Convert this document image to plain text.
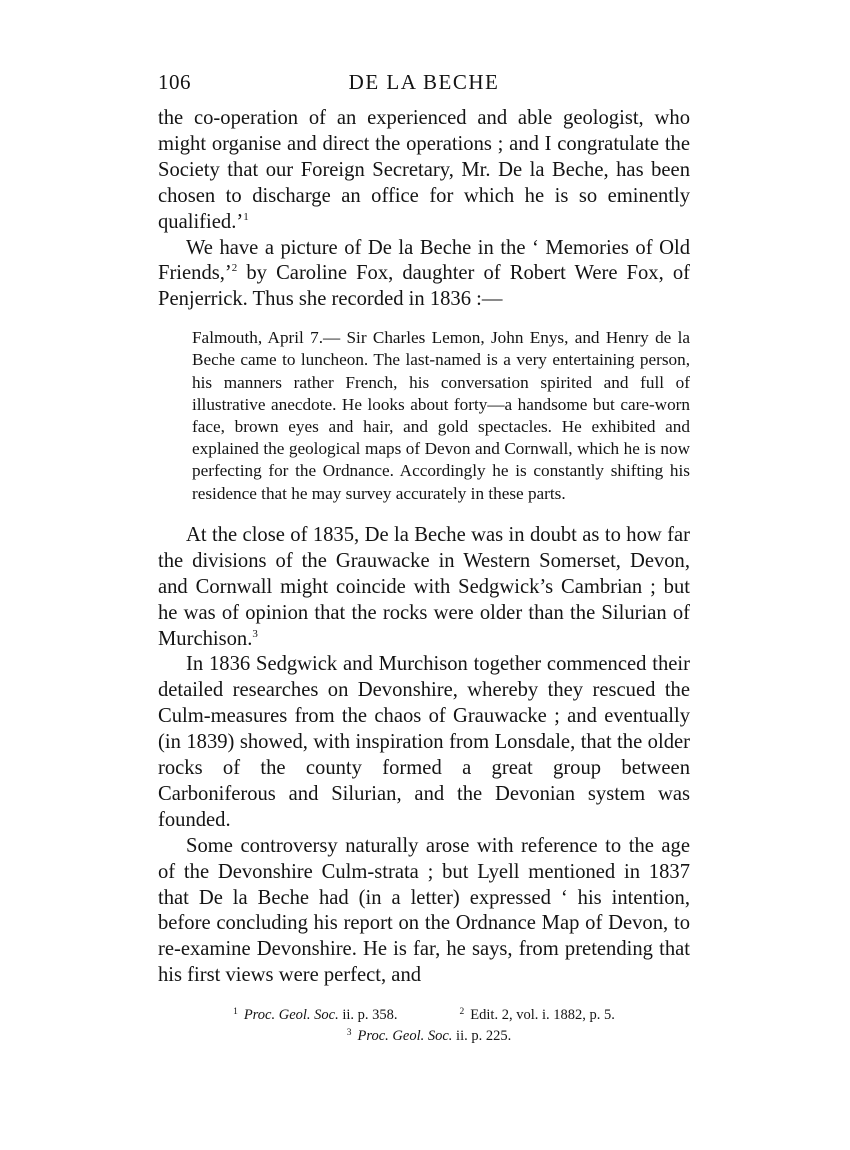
106	DE LA BECHE

the co-operation of an experienced and able geologist, who might organise and direct the operations ; and I congratulate the Society that our Foreign Secretary, Mr. De la Beche, has been chosen to discharge an office for which he is so eminently qualified.’$^1$

We have a picture of De la Beche in the ‘ Memories of Old Friends,’$^2$ by Caroline Fox, daughter of Robert Were Fox, of Penjerrick. Thus she recorded in 1836 :—

Falmouth, April 7.— Sir Charles Lemon, John Enys, and Henry de la Beche came to luncheon. The last-named is a very entertaining person, his manners rather French, his conversation spirited and full of illustrative anecdote. He looks about forty—a handsome but care-worn face, brown eyes and hair, and gold spectacles. He exhibited and explained the geological maps of Devon and Cornwall, which he is now perfecting for the Ordnance. Accordingly he is constantly shifting his residence that he may survey accurately in these parts.

At the close of 1835, De la Beche was in doubt as to how far the divisions of the Grauwacke in Western Somerset, Devon, and Cornwall might coincide with Sedgwick’s Cambrian ; but he was of opinion that the rocks were older than the Silurian of Murchison.$^3$

In 1836 Sedgwick and Murchison together commenced their detailed researches on Devonshire, whereby they rescued the Culm-measures from the chaos of Grauwacke ; and eventually (in 1839) showed, with inspiration from Lonsdale, that the older rocks of the county formed a great group between Carboniferous and Silurian, and the Devonian system was founded.

Some controversy naturally arose with reference to the age of the Devonshire Culm-strata ; but Lyell mentioned in 1837 that De la Beche had (in a letter) expressed ‘ his intention, before concluding his report on the Ordnance Map of Devon, to re-examine Devonshire. He is far, he says, from pretending that his first views were perfect, and

$^1$ Proc. Geol. Soc. ii. p. 358.	$^2$ Edit. 2, vol. i. 1882, p. 5.
$^3$ Proc. Geol. Soc. ii. p. 225.
